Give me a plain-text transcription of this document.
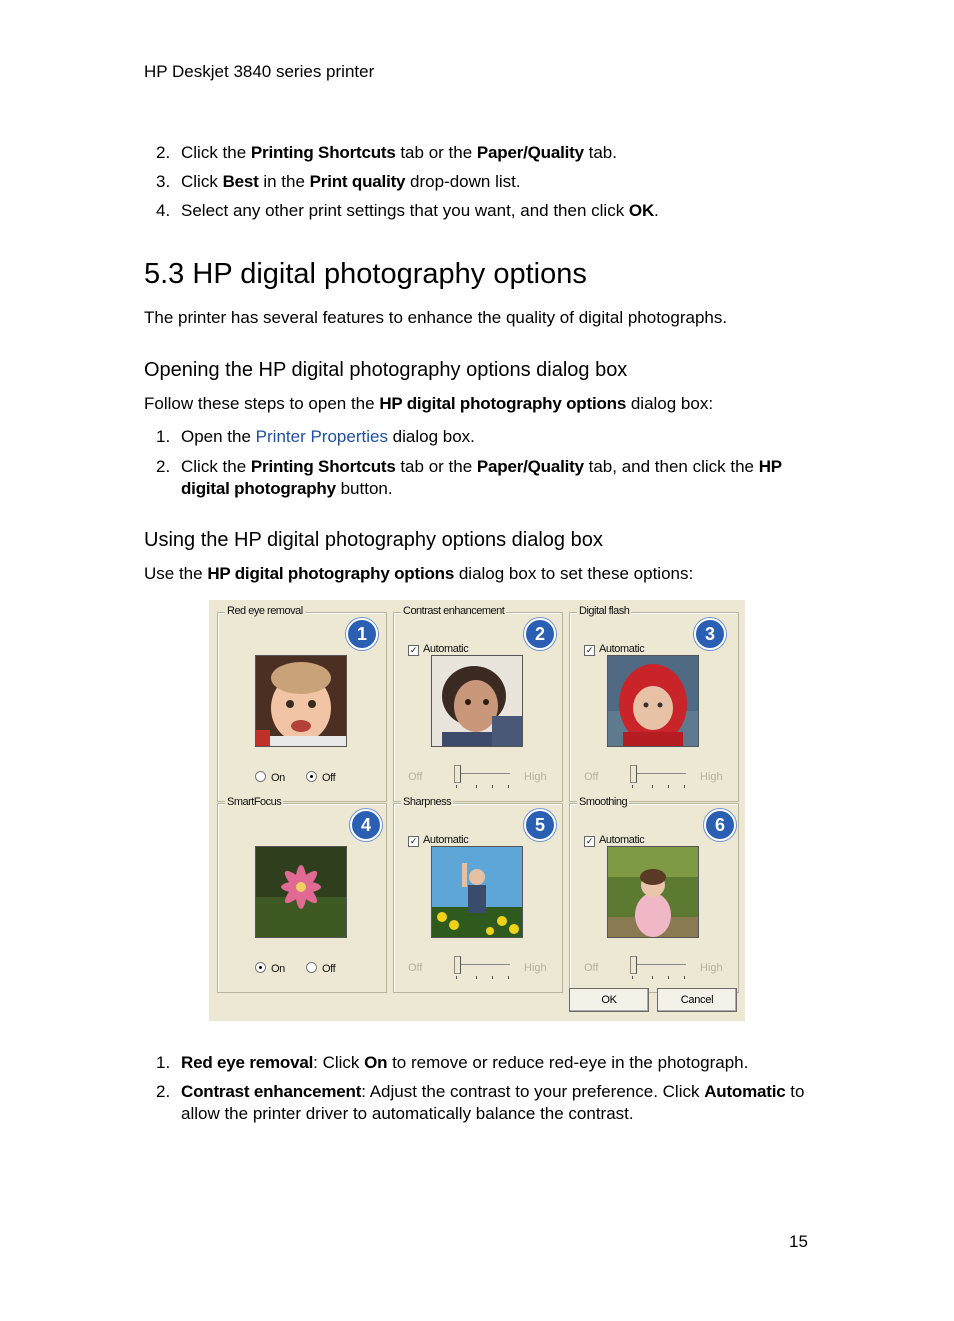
HP Deskjet 3840 series printer
2. Click the Printing Shortcuts tab or the Paper/Quality tab.
3. Click Best in the Print quality drop-down list.
4. Select any other print settings that you want, and then click OK.
5.3 HP digital photography options

The printer has several features to enhance the quality of digital photographs.

Opening the HP digital photography options dialog box

Follow these steps to open the HP digital photography options dialog box:

1. Open the Printer Properties dialog box.
2. Click the Printing Shortcuts tab or the Paper/Quality tab, and then click the HP
digital photography button.
Using the HP digital photography options dialog box

Use the HP digital photography options dialog box to set these options:

Red eye removal
1
On	Off
Contrast enhancement
2
✓ Automatic
Off	High
Digital flash
3
✓ Automatic
Off	High
SmartFocus
4
On	Off
Sharpness
5
✓ Automatic
Off	High
Smoothing
6
✓ Automatic
Off	High
OK	Cancel
1. Red eye removal: Click On to remove or reduce red-eye in the photograph.
2. Contrast enhancement: Adjust the contrast to your preference. Click Automatic to allow the printer driver to automatically balance the contrast.
15
